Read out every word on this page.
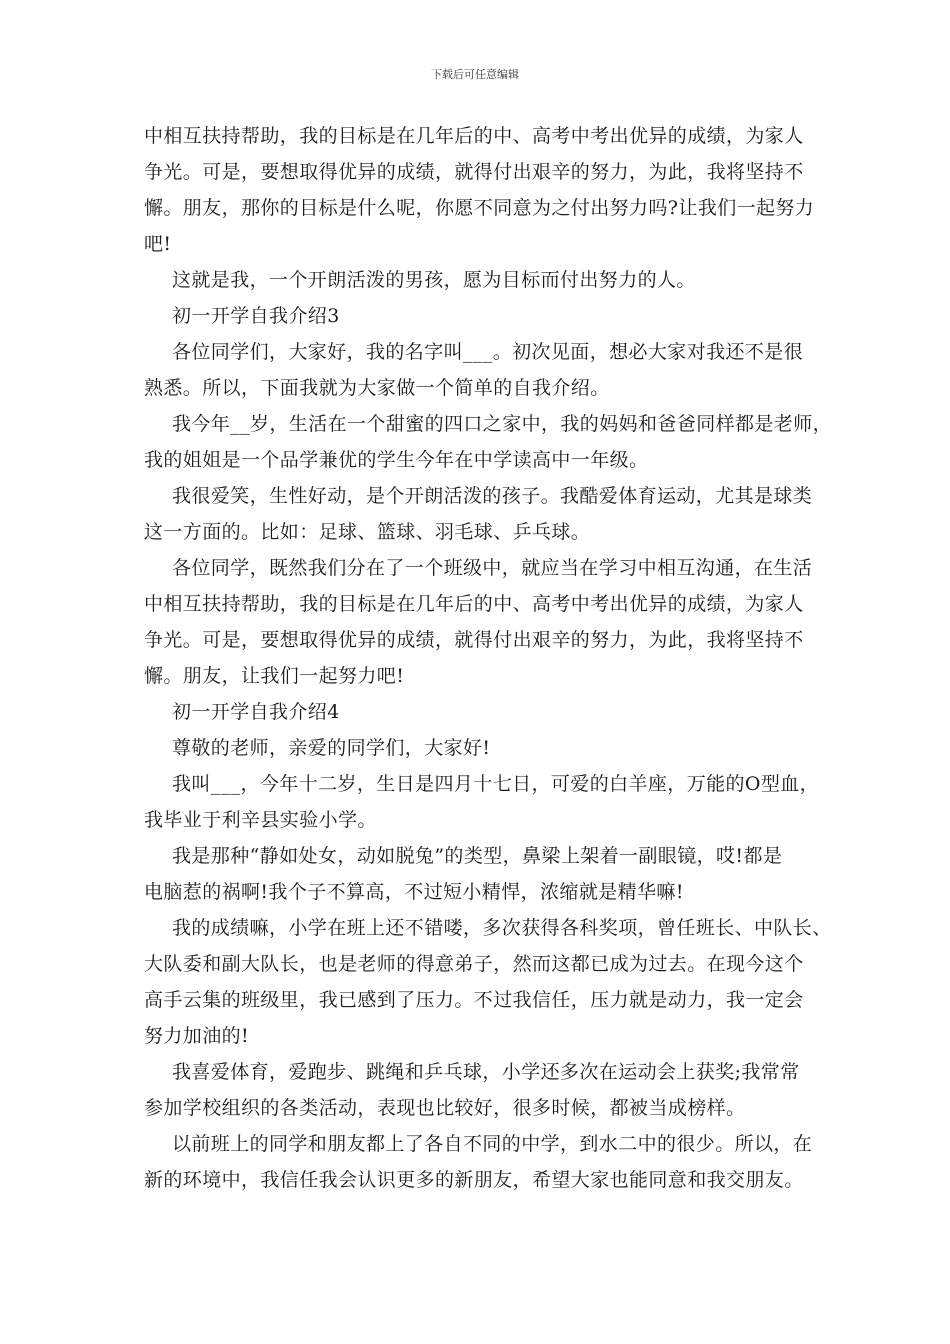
下载后可任意编辑
中相互扶持帮助，我的目标是在几年后的中、高考中考出优异的成绩，为家人
争光。可是，要想取得优异的成绩，就得付出艰辛的努力，为此，我将坚持不
懈。朋友，那你的目标是什么呢，你愿不同意为之付出努力吗?让我们一起努力
吧!
这就是我，一个开朗活泼的男孩，愿为目标而付出努力的人。
初一开学自我介绍3
各位同学们，大家好，我的名字叫___。初次见面，想必大家对我还不是很
熟悉。所以，下面我就为大家做一个简单的自我介绍。
我今年__岁，生活在一个甜蜜的四口之家中，我的妈妈和爸爸同样都是老师，
我的姐姐是一个品学兼优的学生今年在中学读高中一年级。
我很爱笑，生性好动，是个开朗活泼的孩子。我酷爱体育运动，尤其是球类
这一方面的。比如：足球、篮球、羽毛球、乒乓球。
各位同学，既然我们分在了一个班级中，就应当在学习中相互沟通，在生活
中相互扶持帮助，我的目标是在几年后的中、高考中考出优异的成绩，为家人
争光。可是，要想取得优异的成绩，就得付出艰辛的努力，为此，我将坚持不
懈。朋友，让我们一起努力吧!
初一开学自我介绍4
尊敬的老师，亲爱的同学们，大家好!
我叫___，今年十二岁，生日是四月十七日，可爱的白羊座，万能的O型血，
我毕业于利辛县实验小学。
我是那种“静如处女，动如脱兔”的类型，鼻梁上架着一副眼镜，哎!都是
电脑惹的祸啊!我个子不算高，不过短小精悍，浓缩就是精华嘛!
我的成绩嘛，小学在班上还不错喽，多次获得各科奖项，曾任班长、中队长、
大队委和副大队长，也是老师的得意弟子，然而这都已成为过去。在现今这个
高手云集的班级里，我已感到了压力。不过我信任，压力就是动力，我一定会
努力加油的!
我喜爱体育，爱跑步、跳绳和乒乓球，小学还多次在运动会上获奖;我常常
参加学校组织的各类活动，表现也比较好，很多时候，都被当成榜样。
以前班上的同学和朋友都上了各自不同的中学，到水二中的很少。所以，在
新的环境中，我信任我会认识更多的新朋友，希望大家也能同意和我交朋友。
